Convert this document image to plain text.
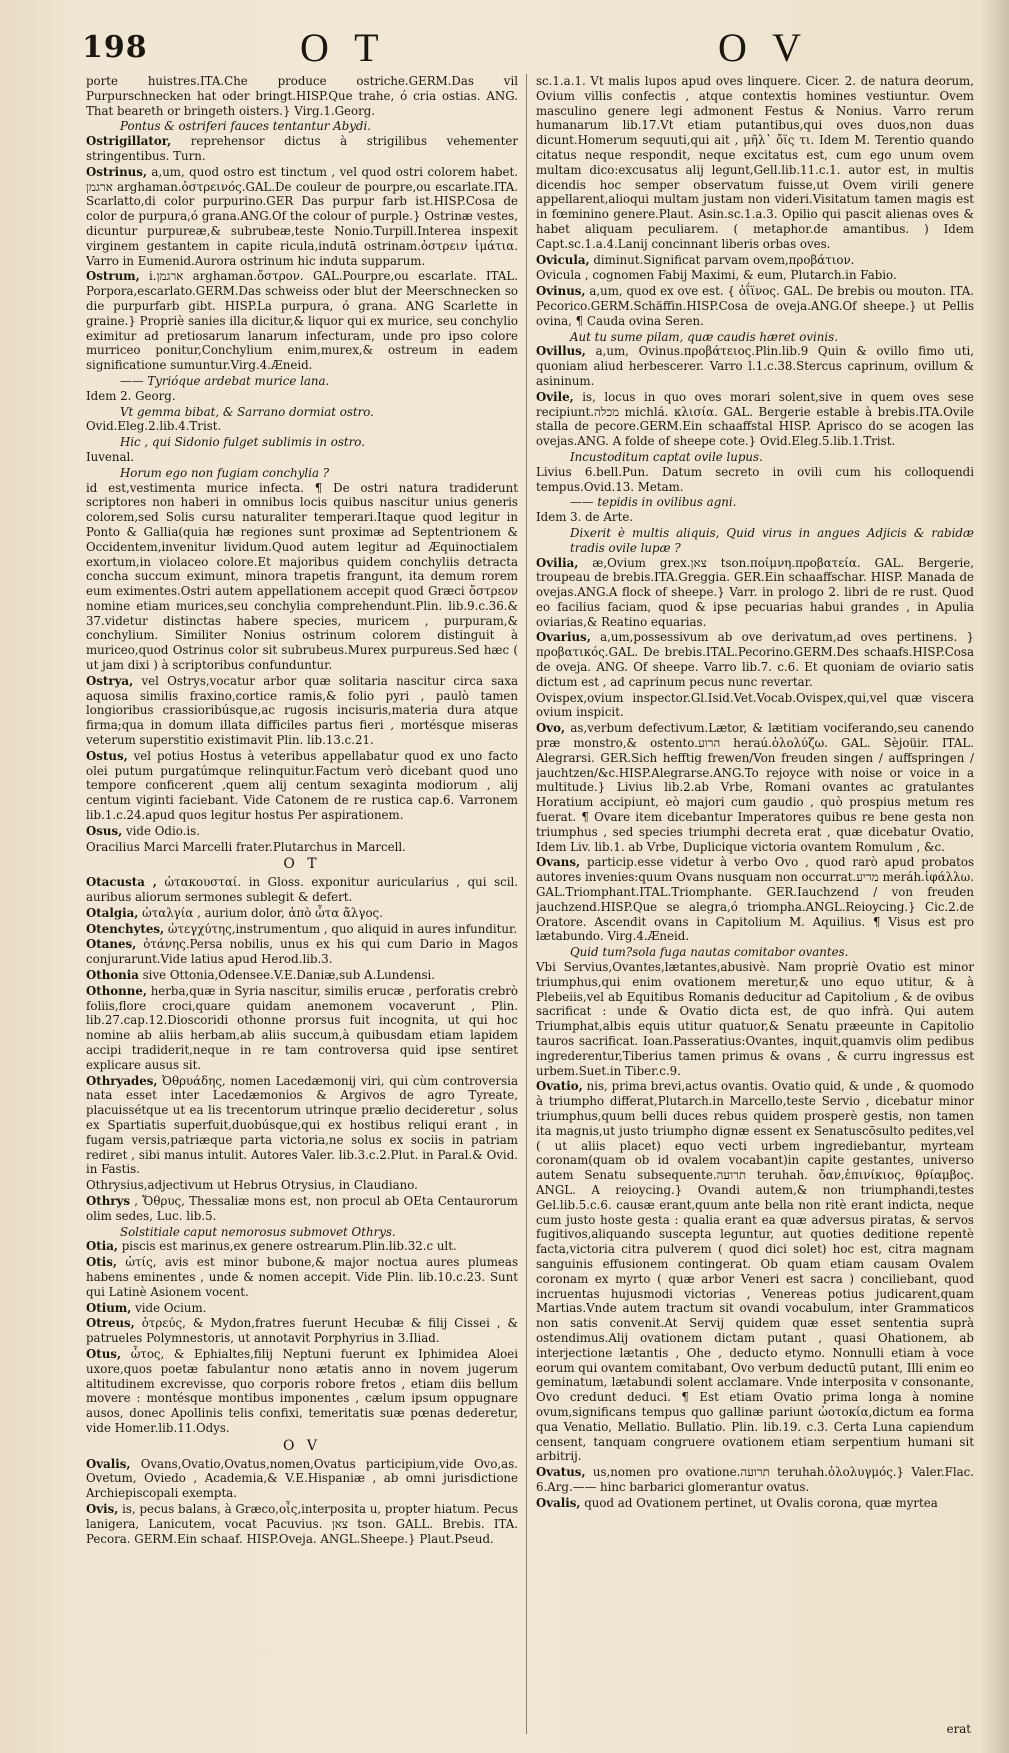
198	O T	O V

porte huistres.ITA.Che produce ostriche.GERM.Das vil Purpurschnecken hat oder bringt.HISP.Que trahe, ó cria ostias. ANG. That beareth or bringeth oisters.} Virg.1.Georg.

Pontus & ostriferi fauces tentantur Abydi.

Ostrigillator, reprehensor dictus à strigilibus vehementer stringentibus. Turn.

Ostrinus, a,um, quod ostro est tinctum , vel quod ostri colorem habet. ארגמן arghaman.ὀστρεινός.GAL.De couleur de pourpre,ou escarlate.ITA. Scarlatto,di color purpurino.GER Das purpur farb ist.HISP.Cosa de color de purpura,ó grana.ANG.Of the colour of purple.} Ostrinæ vestes, dicuntur purpureæ,& subrubeæ,teste Nonio.Turpill.Interea inspexit virginem gestantem in capite ricula,indutā ostrinam.ὀστρειν ἱμάτια. Varro in Eumenid.Aurora ostrinum hic induta supparum.

Ostrum, i.ארגמן arghaman.ὄστρον. GAL.Pourpre,ou escarlate. ITAL. Porpora,escarlato.GERM.Das schweiss oder blut der Meerschnecken so die purpurfarb gibt. HISP.La purpura, ó grana. ANG Scarlette in graine.} Propriè sanies illa dicitur,& liquor qui ex murice, seu conchylio eximitur ad pretiosarum lanarum infecturam, unde pro ipso colore murriceo ponitur,Conchylium enim,murex,& ostreum in eadem significatione sumuntur.Virg.4.Æneid.

—— Tyrióque ardebat murice lana.

Idem 2. Georg.

Vt gemma bibat, & Sarrano dormiat ostro.

Ovid.Eleg.2.lib.4.Trist.

Hic , qui Sidonio fulget sublimis in ostro.

Iuvenal.

Horum ego non fugiam conchylia ?

id est,vestimenta murice infecta. ¶ De ostri natura tradiderunt scriptores non haberi in omnibus locis quibus nascitur unius generis colorem,sed Solis cursu naturaliter temperari.Itaque quod legitur in Ponto & Gallia(quia hæ regiones sunt proximæ ad Septentrionem & Occidentem,invenitur lividum.Quod autem legitur ad Æquinoctialem exortum,in violaceo colore.Et majoribus quidem conchyliis detracta concha succum eximunt, minora trapetis frangunt, ita demum rorem eum eximentes.Ostri autem appellationem accepit quod Græci ὄστρεον nomine etiam murices,seu conchylia comprehendunt.Plin. lib.9.c.36.& 37.videtur distinctas habere species, muricem , purpuram,& conchylium. Similiter Nonius ostrinum colorem distinguit à muriceo,quod Ostrinus color sit subrubeus.Murex purpureus.Sed hæc ( ut jam dixi ) à scriptoribus confunduntur.

Ostrya, vel Ostrys,vocatur arbor quæ solitaria nascitur circa saxa aquosa similis fraxino,cortice ramis,& folio pyri , paulò tamen longioribus crassioribúsque,ac rugosis incisuris,materia dura atque firma;qua in domum illata difficiles partus fieri , mortésque miseras veterum superstitio existimavit Plin. lib.13.c.21.

Ostus, vel potius Hostus à veteribus appellabatur quod ex uno facto olei putum purgatúmque relinquitur.Factum verò dicebant quod uno tempore conficerent ,quem alij centum sexaginta modiorum , alij centum viginti faciebant. Vide Catonem de re rustica cap.6. Varronem lib.1.c.24.apud quos legitur hostus Per aspirationem.

Osus, vide Odio.is.

Oracilius Marci Marcelli frater.Plutarchus in Marcell.

O T

Otacusta , ὠτακουσταί. in Gloss. exponitur auricularius , qui scil. auribus aliorum sermones sublegit & defert.

Otalgia, ὠταλγία , aurium dolor, ἀπὸ ὦτα ἄλγος.

Otenchytes, ὠτεγχύτης,instrumentum , quo aliquid in aures infunditur.

Otanes, ὀτάνης.Persa nobilis, unus ex his qui cum Dario in Magos conjurarunt.Vide latius apud Herod.lib.3.

Othonia sive Ottonia,Odensee.V.E.Daniæ,sub A.Lundensi.

Othonne, herba,quæ in Syria nascitur, similis erucæ , perforatis crebrò foliis,flore croci,quare quidam anemonem vocaverunt , Plin. lib.27.cap.12.Dioscoridi othonne prorsus fuit incognita, ut qui hoc nomine ab aliis herbam,ab aliis succum,à quibusdam etiam lapidem accipi tradiderit,neque in re tam controversa quid ipse sentiret explicare ausus sit.

Othryades, Ὀθρυάδης, nomen Lacedæmonij viri, qui cùm controversia nata esset inter Lacedæmonios & Argivos de agro Tyreate, placuissétque ut ea lis trecentorum utrinque prælio decideretur , solus ex Spartiatis superfuit,duobúsque,qui ex hostibus reliqui erant , in fugam versis,patriæque parta victoria,ne solus ex sociis in patriam rediret , sibi manus intulit. Autores Valer. lib.3.c.2.Plut. in Paral.& Ovid. in Fastis.

Othrysius,adjectivum ut Hebrus Otrysius, in Claudiano.

Othrys , Ὄθρυς, Thessaliæ mons est, non procul ab OEta Centaurorum olim sedes, Luc. lib.5.

Solstitiale caput nemorosus submovet Othrys.

Otia, piscis est marinus,ex genere ostrearum.Plin.lib.32.c ult.

Otis, ὠτίς, avis est minor bubone,& major noctua aures plumeas habens eminentes , unde & nomen accepit. Vide Plin. lib.10.c.23. Sunt qui Latinè Asionem vocent.

Otium, vide Ocium.

Otreus, ὀτρεύς, & Mydon,fratres fuerunt Hecubæ & filij Cissei , & patrueles Polymnestoris, ut annotavit Porphyrius in 3.Iliad.

Otus, ὦτος, & Ephialtes,filij Neptuni fuerunt ex Iphimidea Aloei uxore,quos poetæ fabulantur nono ætatis anno in novem jugerum altitudinem excrevisse, quo corporis robore fretos , etiam diis bellum movere : montésque montibus imponentes , cælum ipsum oppugnare ausos, donec Apollinis telis confixi, temeritatis suæ pœnas dederetur, vide Homer.lib.11.Odys.

O V

Ovalis, Ovans,Ovatio,Ovatus,nomen,Ovatus participium,vide Ovo,as. Ovetum, Oviedo , Academia,& V.E.Hispaniæ , ab omni jurisdictione Archiepiscopali exempta.

Ovis, is, pecus balans, à Græco,οἶς,interposita u, propter hiatum. Pecus lanigera, Lanicutem, vocat Pacuvius. צאן tson. GALL. Brebis. ITA. Pecora. GERM.Ein schaaf. HISP.Oveja. ANGL.Sheepe.} Plaut.Pseud.

sc.1.a.1. Vt malis lupos apud oves linquere. Cicer. 2. de natura deorum, Ovium villis confectis , atque contextis homines vestiuntur. Ovem masculino genere legi admonent Festus & Nonius. Varro rerum humanarum lib.17.Vt etiam putantibus,qui oves duos,non duas dicunt.Homerum sequuti,qui ait , μῆλ᾽ ὄϊς τι. Idem M. Terentio quando citatus neque respondit, neque excitatus est, cum ego unum ovem multam dico:excusatus alij legunt,Gell.lib.11.c.1. autor est, in multis dicendis hoc semper observatum fuisse,ut Ovem virili genere appellarent,alioqui multam justam non videri.Visitatum tamen magis est in fœminino genere.Plaut. Asin.sc.1.a.3. Opilio qui pascit alienas oves & habet aliquam peculiarem. ( metaphor.de amantibus. ) Idem Capt.sc.1.a.4.Lanij concinnant liberis orbas oves.

Ovicula, diminut.Significat parvam ovem,προβάτιον.

Ovicula , cognomen Fabij Maximi, & eum, Plutarch.in Fabio.

Ovinus, a,um, quod ex ove est. { ὀΐϊνος. GAL. De brebis ou mouton. ITA. Pecorico.GERM.Schäffin.HISP.Cosa de oveja.ANG.Of sheepe.} ut Pellis ovina, ¶ Cauda ovina Seren.

Aut tu sume pilam, quæ caudis hæret ovinis.

Ovillus, a,um, Ovinus.προβάτειος.Plin.lib.9 Quin & ovillo fimo uti, quoniam aliud herbescerer. Varro l.1.c.38.Stercus caprinum, ovillum & asininum.

Ovile, is, locus in quo oves morari solent,sive in quem oves sese recipiunt.מכלה michlá. κλισία. GAL. Bergerie estable à brebis.ITA.Ovile stalla de pecore.GERM.Ein schaaffstal HISP. Aprisco do se acogen las ovejas.ANG. A folde of sheepe cote.} Ovid.Eleg.5.lib.1.Trist.

Incustoditum captat ovile lupus.

Livius 6.bell.Pun. Datum secreto in ovili cum his colloquendi tempus.Ovid.13. Metam.

—— tepidis in ovilibus agni.

Idem 3. de Arte.

Dixerit è multis aliquis, Quid virus in angues Adjicis & rabidæ tradis ovile lupæ ?

Ovilia, æ,Ovium grex.צאן tson.ποίμνη.προβατεία. GAL. Bergerie, troupeau de brebis.ITA.Greggia. GER.Ein schaaffschar. HISP. Manada de ovejas.ANG.A flock of sheepe.} Varr. in prologo 2. libri de re rust. Quod eo facilius faciam, quod & ipse pecuarias habui grandes , in Apulia oviarias,& Reatino equarias.

Ovarius, a,um,possessivum ab ove derivatum,ad oves pertinens. } προβατικός.GAL. De brebis.ITAL.Pecorino.GERM.Des schaafs.HISP.Cosa de oveja. ANG. Of sheepe. Varro lib.7. c.6. Et quoniam de oviario satis dictum est , ad caprinum pecus nunc revertar.

Ovispex,ovium inspector.Gl.Isid.Vet.Vocab.Ovispex,qui,vel quæ viscera ovium inspicit.

Ovo, as,verbum defectivum.Lætor, & lætitiam vociferando,seu canendo præ monstro,& ostento.הרוע heraú.ὀλολύζω. GAL. Sèjoüir. ITAL. Alegrarsi. GER.Sich hefftig frewen/Von freuden singen / auffspringen / jauchtzen/&c.HISP.Alegrarse.ANG.To rejoyce with noise or voice in a multitude.} Livius lib.2.ab Vrbe, Romani ovantes ac gratulantes Horatium accipiunt, eò majori cum gaudio , quò prospius metum res fuerat. ¶ Ovare item dicebantur Imperatores quibus re bene gesta non triumphus , sed species triumphi decreta erat , quæ dicebatur Ovatio, Idem Liv. lib.1. ab Vrbe, Duplicique victoria ovantem Romulum , &c.

Ovans, particip.esse videtur à verbo Ovo , quod rarò apud probatos autores invenies:quum Ovans nusquam non occurrat.מריע meráh.ἰφάλλω. GAL.Triomphant.ITAL.Triomphante. GER.Iauchzend / von freuden jauchzend.HISP.Que se alegra,ó triompha.ANGL.Reioycing.} Cic.2.de Oratore. Ascendit ovans in Capitolium M. Aquilius. ¶ Visus est pro lætabundo. Virg.4.Æneid.

Quid tum?sola fuga nautas comitabor ovantes.

Vbi Servius,Ovantes,lætantes,abusivè. Nam propriè Ovatio est minor triumphus,qui enim ovationem meretur,& uno equo utitur, & à Plebeiis,vel ab Equitibus Romanis deducitur ad Capitolium , & de ovibus sacrificat : unde & Ovatio dicta est, de quo infrà. Qui autem Triumphat,albis equis utitur quatuor,& Senatu præeunte in Capitolio tauros sacrificat. Ioan.Passeratius:Ovantes, inquit,quamvis olim pedibus ingrederentur,Tiberius tamen primus & ovans , & curru ingressus est urbem.Suet.in Tiber.c.9.

Ovatio, nis, prima brevi,actus ovantis. Ovatio quid, & unde , & quomodo à triumpho differat,Plutarch.in Marcello,teste Servio , dicebatur minor triumphus,quum belli duces rebus quidem prosperè gestis, non tamen ita magnis,ut justo triumpho dignæ essent ex Senatuscōsulto pedites,vel ( ut aliis placet) equo vecti urbem ingrediebantur, myrteam coronam(quam ob id ovalem vocabant)in capite gestantes, universo autem Senatu subsequente.תרועה teruhah. ὄαν,ἐπινίκιος, θρίαμβος. ANGL. A reioycing.} Ovandi autem,& non triumphandi,testes Gel.lib.5.c.6. causæ erant,quum ante bella non ritè erant indicta, neque cum justo hoste gesta : qualia erant ea quæ adversus piratas, & servos fugitivos,aliquando suscepta leguntur, aut quoties deditione repentè facta,victoria citra pulverem ( quod dici solet) hoc est, citra magnam sanguinis effusionem contingerat. Ob quam etiam causam Ovalem coronam ex myrto ( quæ arbor Veneri est sacra ) conciliebant, quod incruentas hujusmodi victorias , Venereas potius judicarent,quam Martias.Vnde autem tractum sit ovandi vocabulum, inter Grammaticos non satis convenit.At Servij quidem quæ esset sententia suprà ostendimus.Alij ovationem dictam putant , quasi Ohationem, ab interjectione lætantis , Ohe , deducto etymo. Nonnulli etiam à voce eorum qui ovantem comitabant, Ovo verbum deductū putant, Illi enim eo geminatum, lætabundi solent acclamare. Vnde interposita v consonante, Ovo credunt deduci. ¶ Est etiam Ovatio prima longa à nomine ovum,significans tempus quo gallinæ pariunt ὠοτοκία,dictum ea forma qua Venatio, Mellatio. Bullatio. Plin. lib.19. c.3. Certa Luna capiendum censent, tanquam congruere ovationem etiam serpentium humani sit arbitrij.

Ovatus, us,nomen pro ovatione.תרועה teruhah.ὀλολυγμός.} Valer.Flac. 6.Arg.—— hinc barbarici glomerantur ovatus.

Ovalis, quod ad Ovationem pertinet, ut Ovalis corona, quæ myrtea

erat
